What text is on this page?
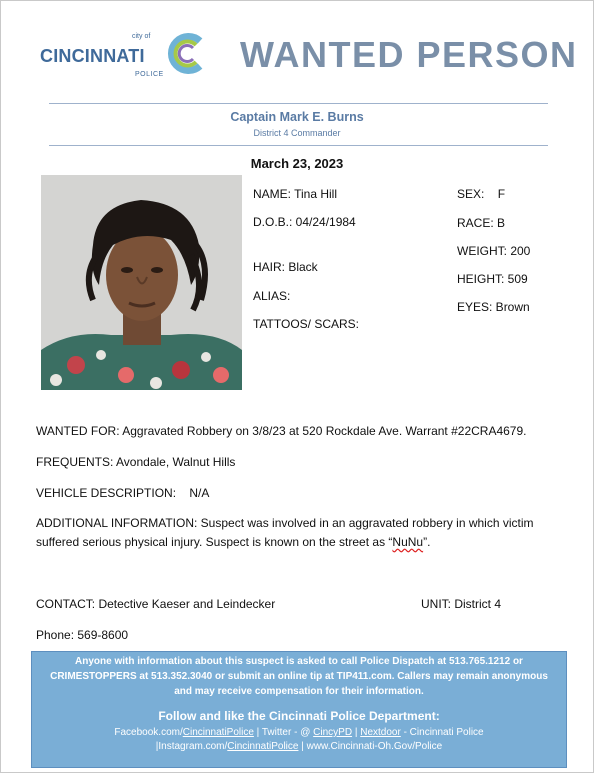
city of
CINCINNATI
POLICE WANTED PERSON
Captain Mark E. Burns
District 4 Commander
March 23, 2023
NAME: Tina Hill
D.O.B.: 04/24/1984
HAIR: Black
ALIAS:
TATTOOS/ SCARS:
SEX: F
RACE: B
WEIGHT: 200
HEIGHT: 509
EYES: Brown
WANTED FOR: Aggravated Robbery on 3/8/23 at 520 Rockdale Ave. Warrant #22CRA4679.
FREQUENTS: Avondale, Walnut Hills
VEHICLE DESCRIPTION: N/A
ADDITIONAL INFORMATION: Suspect was involved in an aggravated robbery in which victim
suffered serious physical injury. Suspect is known on the street as “NuNu”.
CONTACT: Detective Kaeser and Leindecker	UNIT: District 4
Phone: 569-8600
Anyone with information about this suspect is asked to call Police Dispatch at 513.765.1212 or
CRIMESTOPPERS at 513.352.3040 or submit an online tip at TIP411.com. Callers may remain anonymous
and may receive compensation for their information.
Follow and like the Cincinnati Police Department:
Facebook.com/CincinnatiPolice | Twitter - @ CincyPD | Nextdoor - Cincinnati Police
|Instagram.com/CincinnatiPolice | www.Cincinnati-Oh.Gov/Police
